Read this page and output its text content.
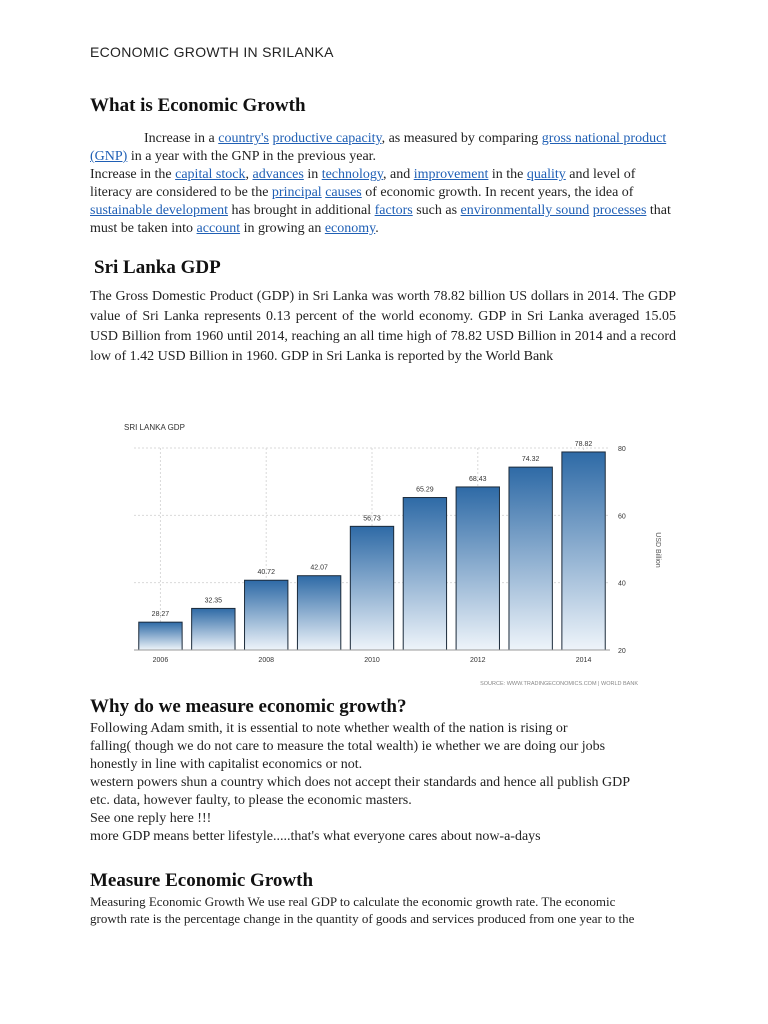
ECONOMIC GROWTH IN SRILANKA
What is Economic Growth
Increase in a country's productive capacity, as measured by comparing gross national product (GNP) in a year with the GNP in the previous year.
Increase in the capital stock, advances in technology, and improvement in the quality and level of literacy are considered to be the principal causes of economic growth. In recent years, the idea of sustainable development has brought in additional factors such as environmentally sound processes that must be taken into account in growing an economy.
Sri Lanka GDP
The Gross Domestic Product (GDP) in Sri Lanka was worth 78.82 billion US dollars in 2014. The GDP value of Sri Lanka represents 0.13 percent of the world economy. GDP in Sri Lanka averaged 15.05 USD Billion from 1960 until 2014, reaching an all time high of 78.82 USD Billion in 2014 and a record low of 1.42 USD Billion in 1960. GDP in Sri Lanka is reported by the World Bank
SRI LANKA GDP
28.27
32.35
40.72
42.07
56.73
65.29
68.43
74.32
78.82
20
40
60
80
2006	2008	2010	2012	2014
USD Billion
SOURCE: WWW.TRADINGECONOMICS.COM | WORLD BANK
Why do we measure economic growth?
Following Adam smith, it is essential to note whether wealth of the nation is rising or
falling( though we do not care to measure the total wealth) ie whether we are doing our jobs
honestly in line with capitalist economics or not.
western powers shun a country which does not accept their standards and hence all publish GDP
etc. data, however faulty, to please the economic masters.
See one reply here !!!
more GDP means better lifestyle.....that's what everyone cares about now-a-days
Measure Economic Growth
Measuring Economic Growth We use real GDP to calculate the economic growth rate. The economic
growth rate is the percentage change in the quantity of goods and services produced from one year to the
